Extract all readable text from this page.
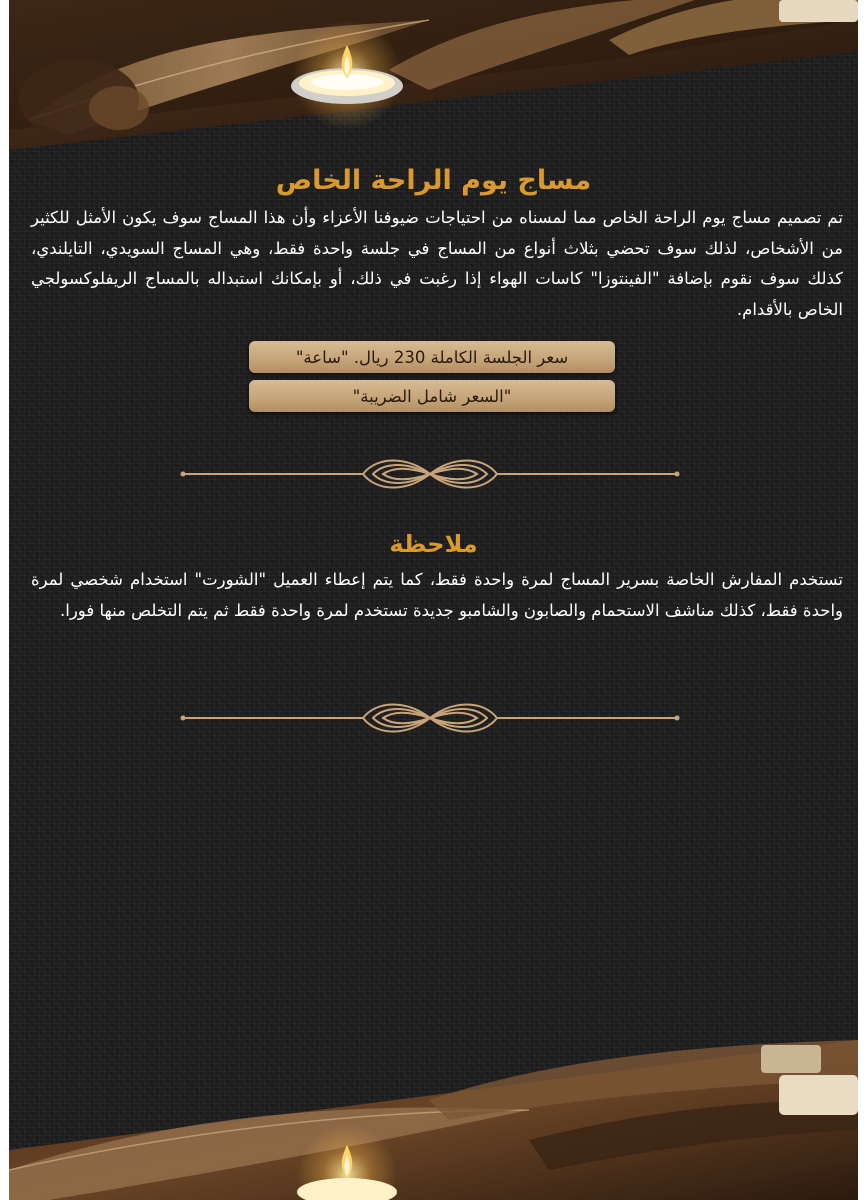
مساج يوم الراحة الخاص

تم تصميم مساج يوم الراحة الخاص مما لمسناه من احتياجات ضيوفنا الأعزاء وأن هذا المساج سوف يكون الأمثل للكثير من الأشخاص، لذلك سوف تحضي بثلاث أنواع من المساج في جلسة واحدة فقط، وهي المساج السويدي، التايلندي، كذلك سوف نقوم بإضافة "الفينتوزا" كاسات الهواء إذا رغبت في ذلك، أو بإمكانك استبداله بالمساج الريفلوكسولجي الخاص بالأقدام.

سعر الجلسة الكاملة 230 ريال. "ساعة"
"السعر شامل الضريبة"
ملاحظة

تستخدم المفارش الخاصة بسرير المساج لمرة واحدة فقط، كما يتم إعطاء العميل "الشورت" استخدام شخصي لمرة واحدة فقط، كذلك مناشف الاستحمام والصابون والشامبو جديدة تستخدم لمرة واحدة فقط ثم يتم التخلص منها فورا.
